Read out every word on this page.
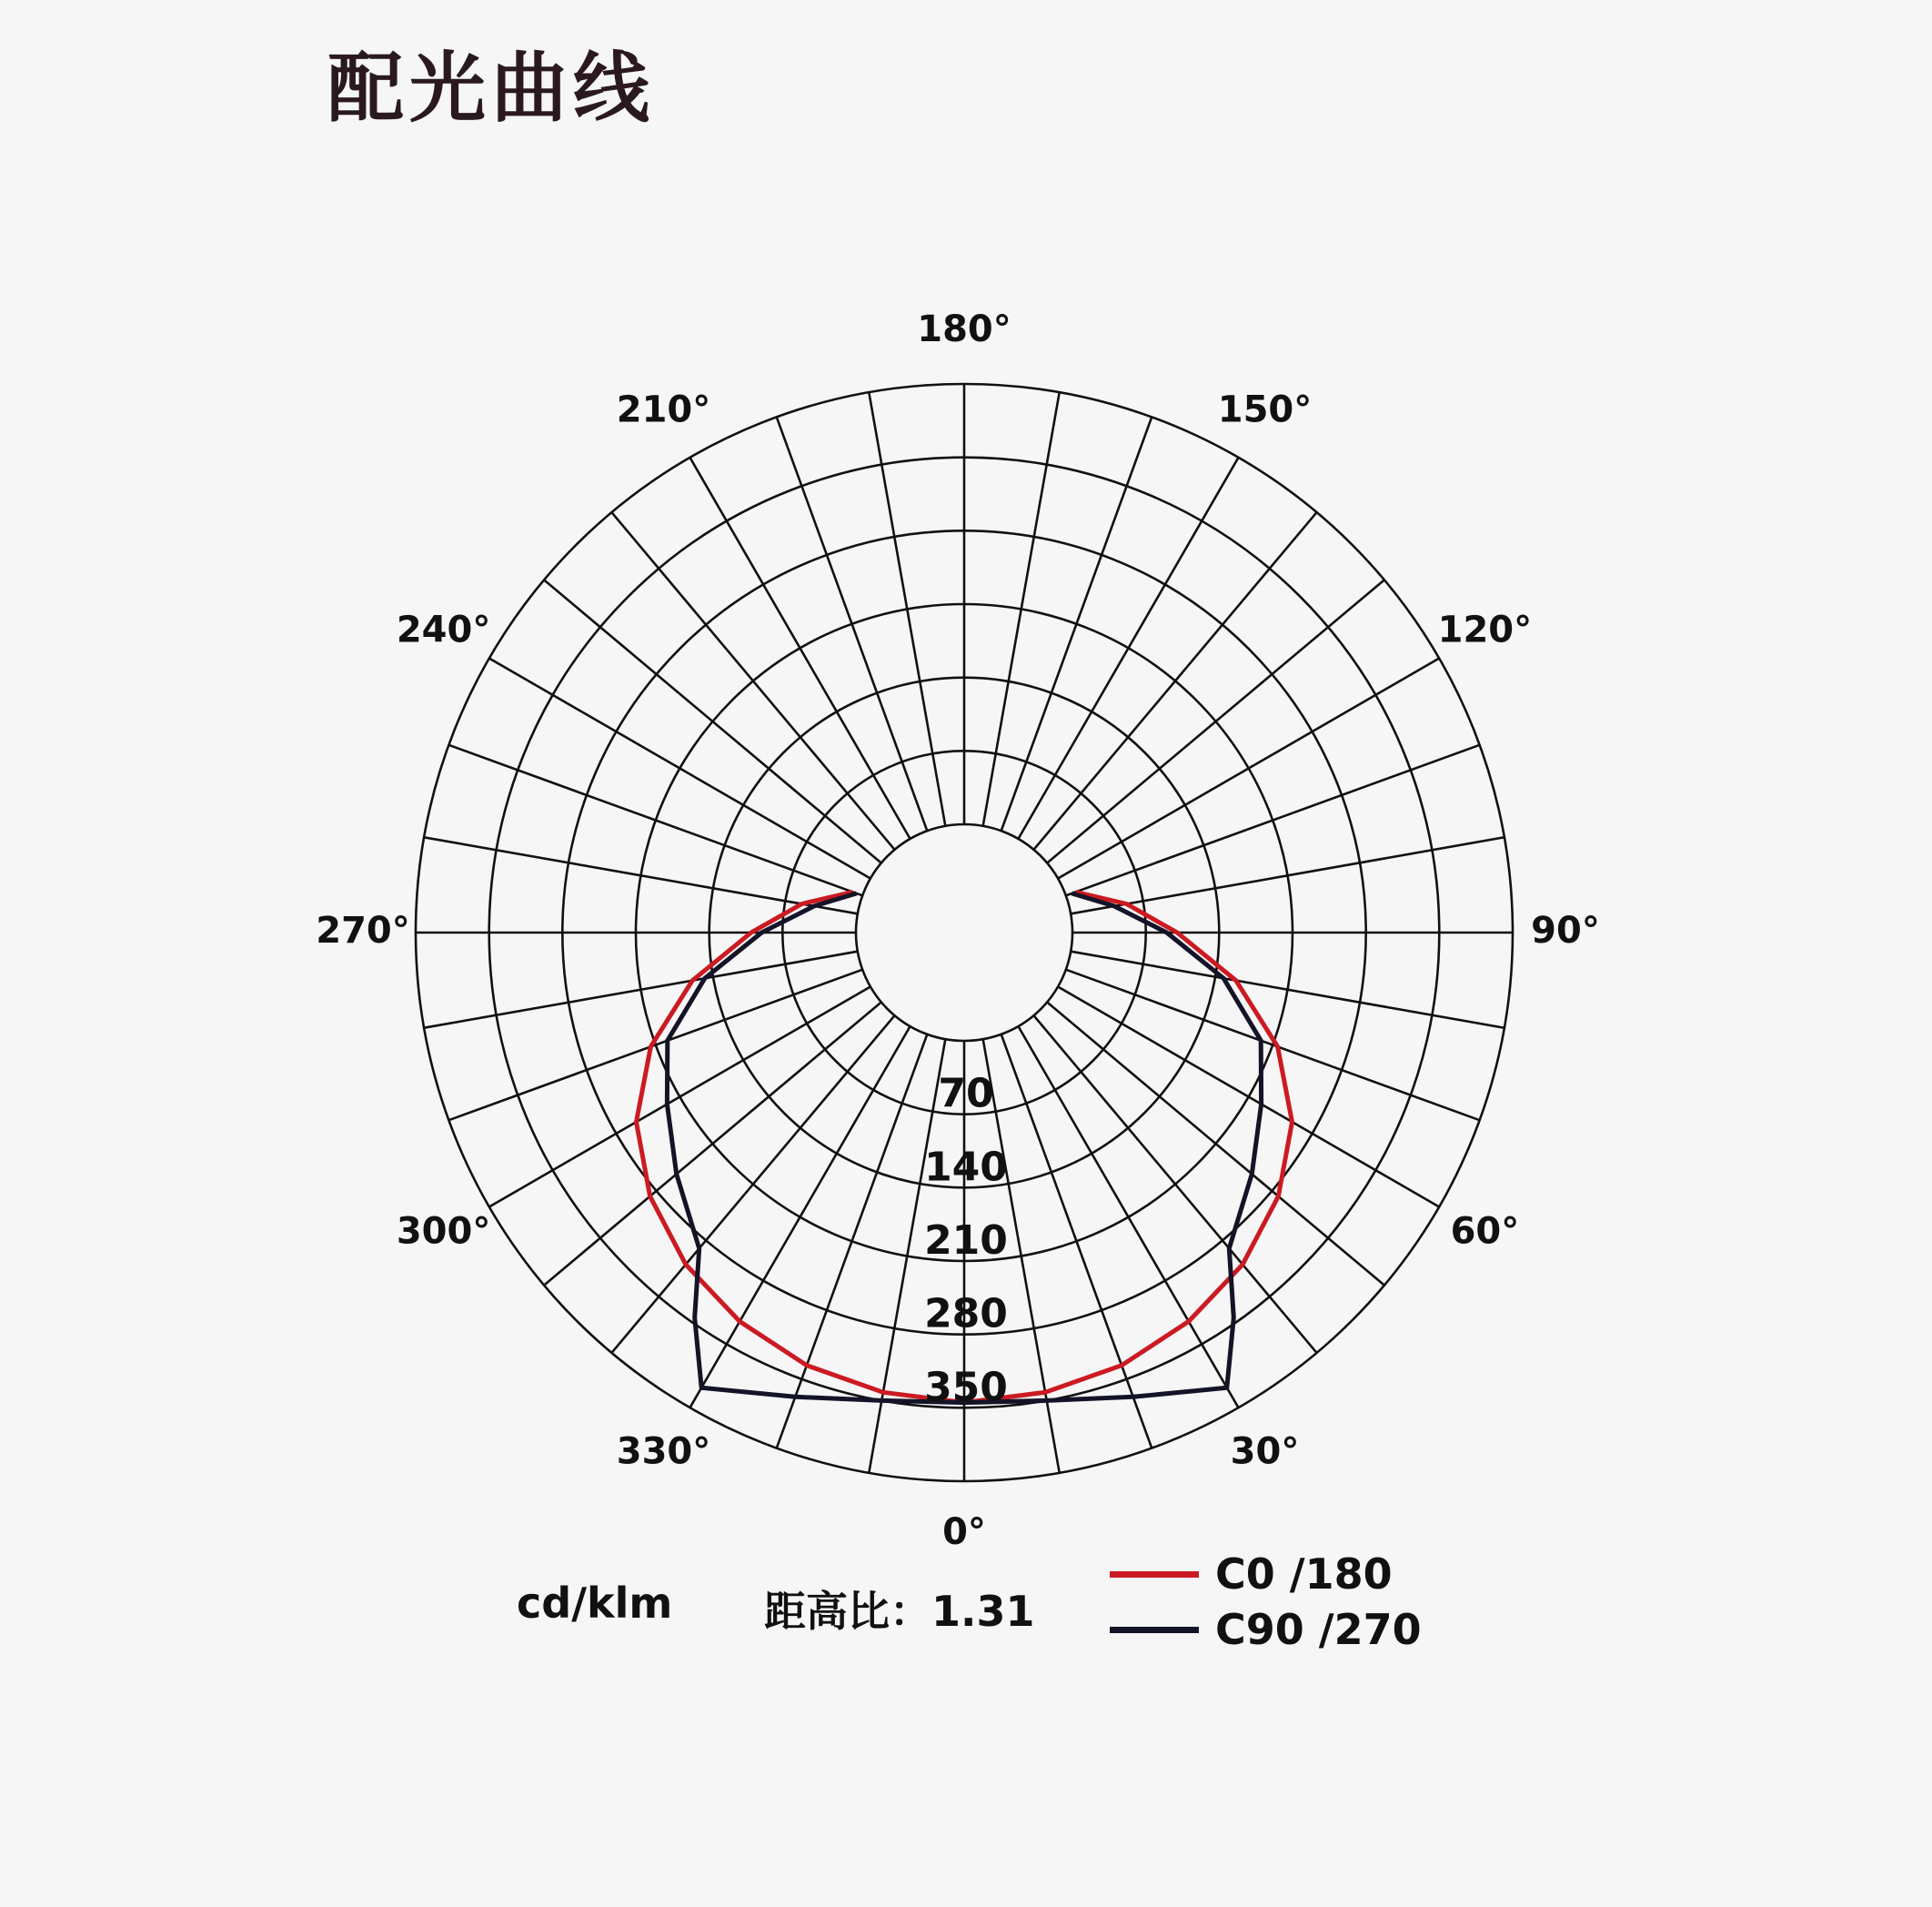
配光曲线
0°
30°
60°
90°
120°
150°
180°
210°
240°
270°
300°
330°
70
140
210
280
350
cd/klm 距高比：1.31
C0 /180
C90 /270
